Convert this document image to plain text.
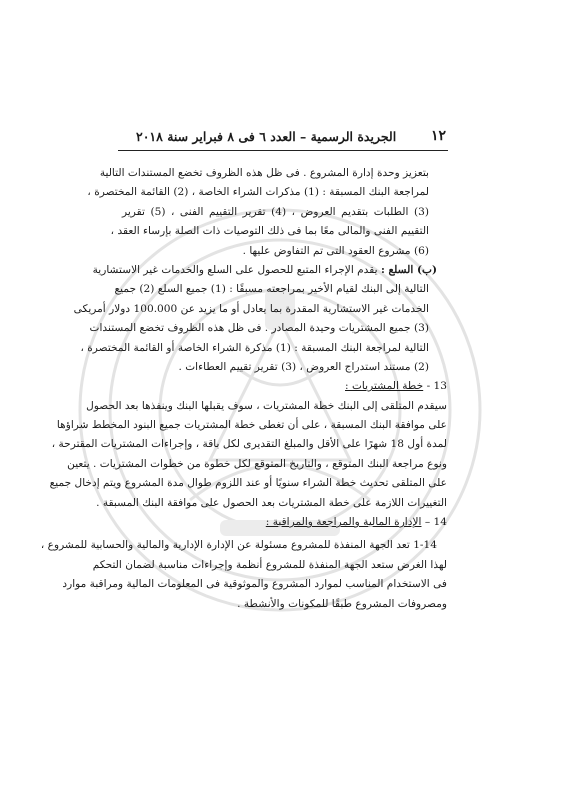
١٢
الجريدة الرسمية – العدد ٦ فى ٨ فبراير سنة ٢٠١٨
بتعزيز وحدة إدارة المشروع . فى ظل هذه الظروف تخضع المستندات التالية
لمراجعة البنك المسبقة : (1) مذكرات الشراء الخاصة ، (2) القائمة المختصرة ،
(3) الطلبات بتقديم العروض ، (4) تقرير التقييم الفنى ، (5) تقرير
التقييم الفنى والمالى معًا بما فى ذلك التوصيات ذات الصلة بإرساء العقد ،
(6) مشروع العقود التى تم التفاوض عليها .
(ب) السلع : يقدم الإجراء المتبع للحصول على السلع والخدمات غير الاستشارية
التالية إلى البنك لقيام الأخير بمراجعته مسبقًا : (1) جميع السلع (2) جميع
الخدمات غير الاستشارية المقدرة بما يعادل أو ما يزيد عن 100.000 دولار أمريكى
(3) جميع المشتريات وحيدة المصادر . فى ظل هذه الظروف تخضع المستندات
التالية لمراجعة البنك المسبقة : (1) مذكرة الشراء الخاصة أو القائمة المختصرة ،
(2) مستند استدراج العروض ، (3) تقرير تقييم العطاءات .
13 - خطة المشتريات :
سيقدم المتلقى إلى البنك خطة المشتريات ، سوف يقبلها البنك وينفذها بعد الحصول
على موافقة البنك المسبقة ، على أن تغطى خطة المشتريات جميع البنود المخطط شراؤها
لمدة أول 18 شهرًا على الأقل والمبلغ التقديرى لكل باقة ، وإجراءات المشتريات المقترحة ،
ونوع مراجعة البنك المتوقع ، والتاريخ المتوقع لكل خطوة من خطوات المشتريات . يتعين
على المتلقى تحديث خطة الشراء سنويًا أو عند اللزوم طوال مدة المشروع ويتم إدخال جميع
التغييرات اللازمة على خطة المشتريات بعد الحصول على موافقة البنك المسبقة .
14 – الإدارة المالية والمراجعة والمراقبة :
1-14 تعد الجهة المنفذة للمشروع مسئولة عن الإدارة الإدارية والمالية والحسابية للمشروع ،
لهذا الغرض ستعد الجهة المنفذة للمشروع أنظمة وإجراءات مناسبة لضمان التحكم
فى الاستخدام المناسب لموارد المشروع والموثوقية فى المعلومات المالية ومراقبة موارد
ومصروفات المشروع طبقًا للمكونات والأنشطة .
